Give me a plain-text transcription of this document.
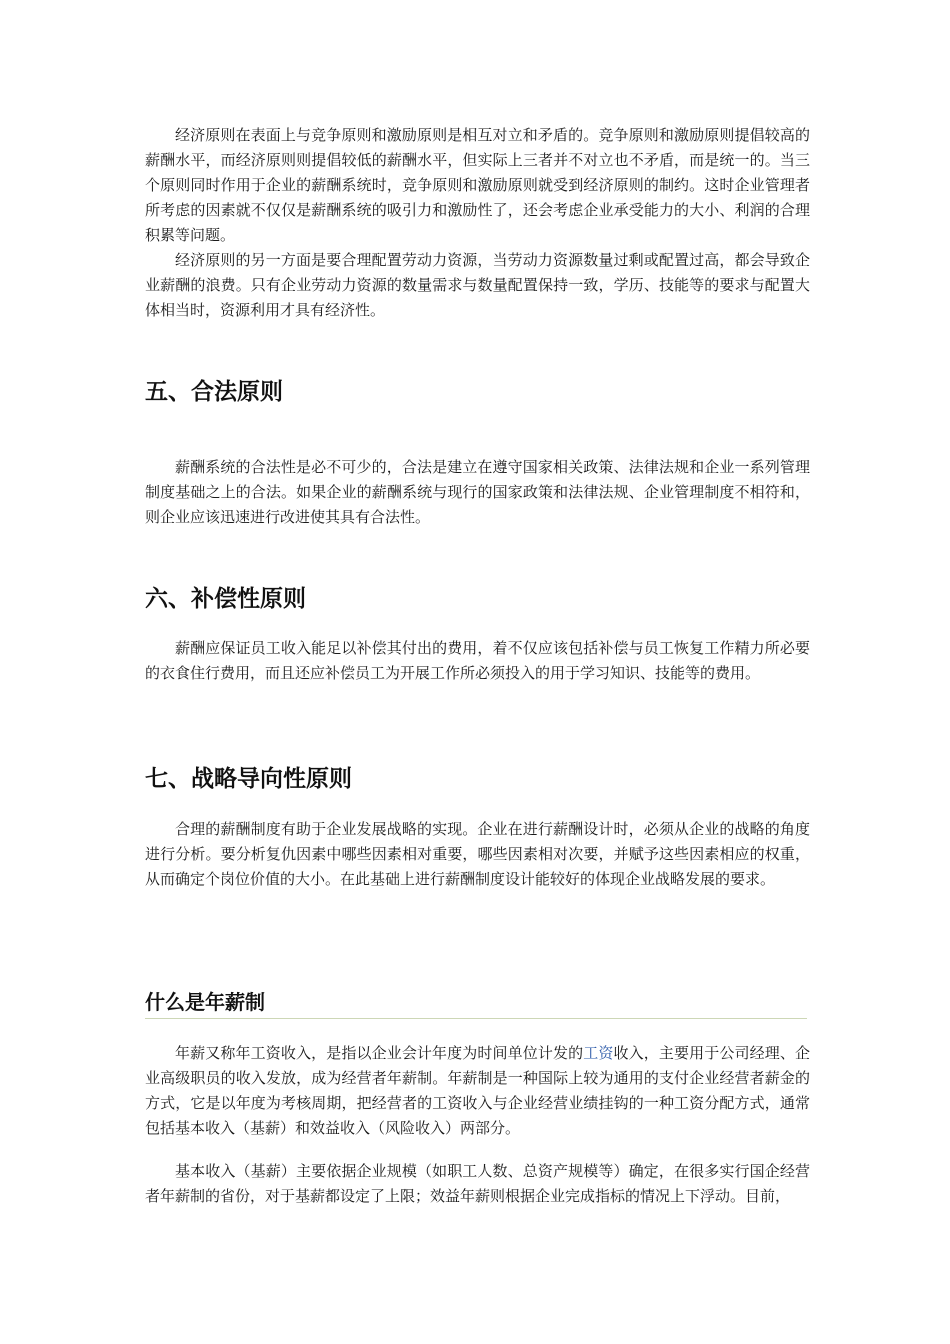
经济原则在表面上与竞争原则和激励原则是相互对立和矛盾的。竞争原则和激励原则提倡较高的薪酬水平，而经济原则则提倡较低的薪酬水平，但实际上三者并不对立也不矛盾，而是统一的。当三个原则同时作用于企业的薪酬系统时，竞争原则和激励原则就受到经济原则的制约。这时企业管理者所考虑的因素就不仅仅是薪酬系统的吸引力和激励性了，还会考虑企业承受能力的大小、利润的合理积累等问题。

经济原则的另一方面是要合理配置劳动力资源，当劳动力资源数量过剩或配置过高，都会导致企业薪酬的浪费。只有企业劳动力资源的数量需求与数量配置保持一致，学历、技能等的要求与配置大体相当时，资源利用才具有经济性。

五、合法原则

薪酬系统的合法性是必不可少的，合法是建立在遵守国家相关政策、法律法规和企业一系列管理制度基础之上的合法。如果企业的薪酬系统与现行的国家政策和法律法规、企业管理制度不相符和，则企业应该迅速进行改进使其具有合法性。

六、补偿性原则

薪酬应保证员工收入能足以补偿其付出的费用，着不仅应该包括补偿与员工恢复工作精力所必要的衣食住行费用，而且还应补偿员工为开展工作所必须投入的用于学习知识、技能等的费用。

七、战略导向性原则

合理的薪酬制度有助于企业发展战略的实现。企业在进行薪酬设计时，必须从企业的战略的角度进行分析。要分析复仇因素中哪些因素相对重要，哪些因素相对次要，并赋予这些因素相应的权重，从而确定个岗位价值的大小。在此基础上进行薪酬制度设计能较好的体现企业战略发展的要求。

什么是年薪制

年薪又称年工资收入，是指以企业会计年度为时间单位计发的工资收入，主要用于公司经理、企业高级职员的收入发放，成为经营者年薪制。年薪制是一种国际上较为通用的支付企业经营者薪金的方式，它是以年度为考核周期，把经营者的工资收入与企业经营业绩挂钩的一种工资分配方式，通常包括基本收入（基薪）和效益收入（风险收入）两部分。

基本收入（基薪）主要依据企业规模（如职工人数、总资产规模等）确定，在很多实行国企经营者年薪制的省份，对于基薪都设定了上限；效益年薪则根据企业完成指标的情况上下浮动。目前，
